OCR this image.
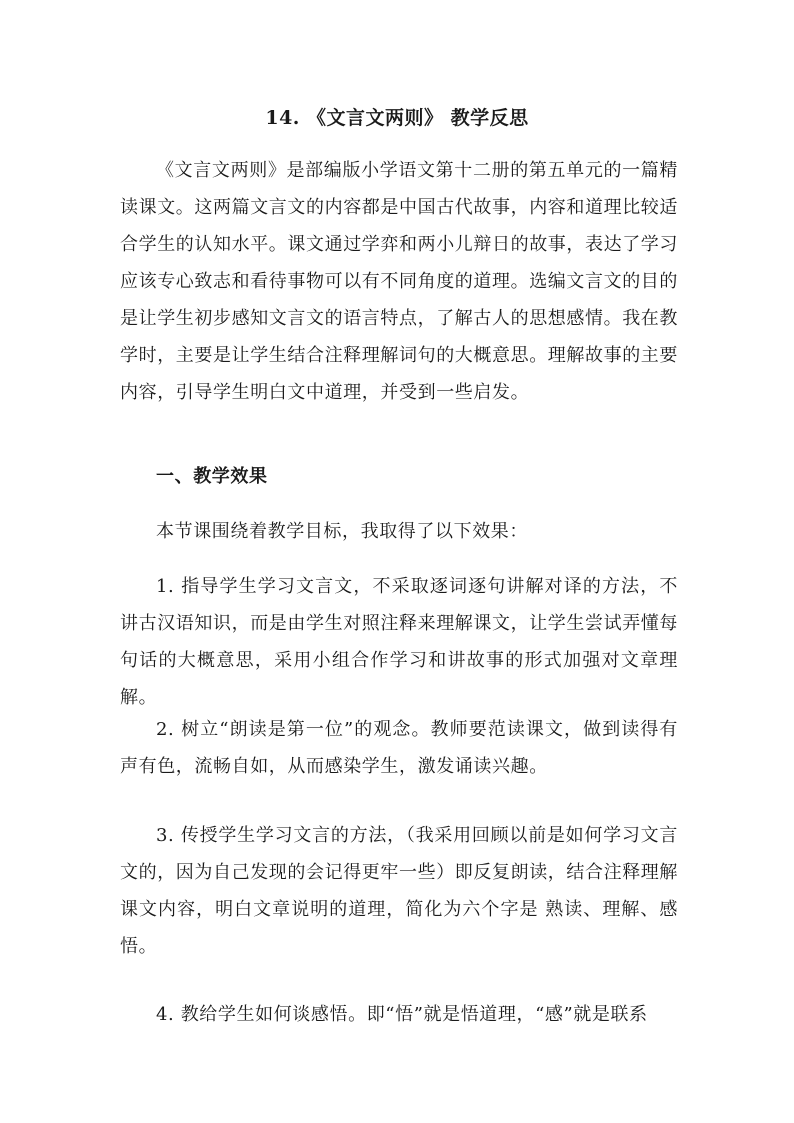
14. 《文言文两则》 教学反思

《文言文两则》是部编版小学语文第十二册的第五单元的一篇精读课文。这两篇文言文的内容都是中国古代故事，内容和道理比较适合学生的认知水平。课文通过学弈和两小儿辩日的故事，表达了学习应该专心致志和看待事物可以有不同角度的道理。选编文言文的目的是让学生初步感知文言文的语言特点，了解古人的思想感情。我在教学时，主要是让学生结合注释理解词句的大概意思。理解故事的主要内容，引导学生明白文中道理，并受到一些启发。

一、教学效果

本节课围绕着教学目标，我取得了以下效果：

1. 指导学生学习文言文，不采取逐词逐句讲解对译的方法，不讲古汉语知识，而是由学生对照注释来理解课文，让学生尝试弄懂每句话的大概意思，采用小组合作学习和讲故事的形式加强对文章理解。

2. 树立“朗读是第一位”的观念。教师要范读课文，做到读得有声有色，流畅自如，从而感染学生，激发诵读兴趣。

3. 传授学生学习文言的方法，（我采用回顾以前是如何学习文言文的，因为自己发现的会记得更牢一些）即反复朗读，结合注释理解课文内容，明白文章说明的道理，简化为六个字是 熟读、理解、感悟。

4. 教给学生如何谈感悟。即“悟”就是悟道理，“感”就是联系
